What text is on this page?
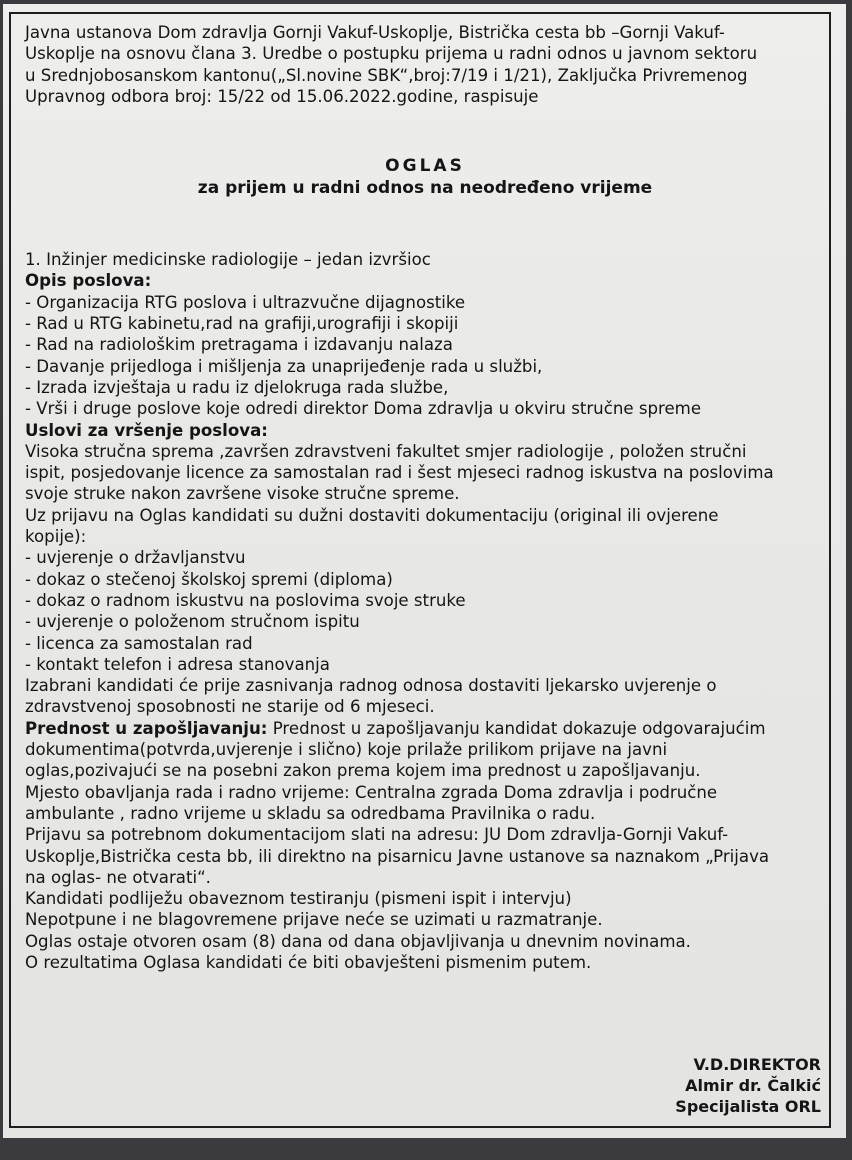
Javna ustanova Dom zdravlja Gornji Vakuf-Uskoplje, Bistrička cesta bb –Gornji Vakuf-
Uskoplje na osnovu člana 3. Uredbe o postupku prijema u radni odnos u javnom sektoru
u Srednjobosanskom kantonu(„Sl.novine SBK“,broj:7/19 i 1/21), Zaključka Privremenog
Upravnog odbora broj: 15/22 od 15.06.2022.godine, raspisuje
OGLAS
za prijem u radni odnos na neodređeno vrijeme
1. Inžinjer medicinske radiologije – jedan izvršioc
Opis poslova:
- Organizacija RTG poslova i ultrazvučne dijagnostike
- Rad u RTG kabinetu,rad na grafiji,urografiji i skopiji
- Rad na radiološkim pretragama i izdavanju nalaza
- Davanje prijedloga i mišljenja za unaprijeđenje rada u službi,
- Izrada izvještaja u radu iz djelokruga rada službe,
- Vrši i druge poslove koje odredi direktor Doma zdravlja u okviru stručne spreme
Uslovi za vršenje poslova:
Visoka stručna sprema ,završen zdravstveni fakultet smjer radiologije , položen stručni
ispit, posjedovanje licence za samostalan rad i šest mjeseci radnog iskustva na poslovima
svoje struke nakon završene visoke stručne spreme.
Uz prijavu na Oglas kandidati su dužni dostaviti dokumentaciju (original ili ovjerene
kopije):
- uvjerenje o državljanstvu
- dokaz o stečenoj školskoj spremi (diploma)
- dokaz o radnom iskustvu na poslovima svoje struke
- uvjerenje o položenom stručnom ispitu
- licenca za samostalan rad
- kontakt telefon i adresa stanovanja
Izabrani kandidati će prije zasnivanja radnog odnosa dostaviti ljekarsko uvjerenje o
zdravstvenoj sposobnosti ne starije od 6 mjeseci.
Prednost u zapošljavanju: Prednost u zapošljavanju kandidat dokazuje odgovarajućim
dokumentima(potvrda,uvjerenje i slično) koje prilaže prilikom prijave na javni
oglas,pozivajući se na posebni zakon prema kojem ima prednost u zapošljavanju.
Mjesto obavljanja rada i radno vrijeme: Centralna zgrada Doma zdravlja i područne
ambulante , radno vrijeme u skladu sa odredbama Pravilnika o radu.
Prijavu sa potrebnom dokumentacijom slati na adresu: JU Dom zdravlja-Gornji Vakuf-
Uskoplje,Bistrička cesta bb, ili direktno na pisarnicu Javne ustanove sa naznakom „Prijava
na oglas- ne otvarati“.
Kandidati podliježu obaveznom testiranju (pismeni ispit i intervju)
Nepotpune i ne blagovremene prijave neće se uzimati u razmatranje.
Oglas ostaje otvoren osam (8) dana od dana objavljivanja u dnevnim novinama.
O rezultatima Oglasa kandidati će biti obavješteni pismenim putem.
V.D.DIREKTOR
Almir dr. Čalkić
Specijalista ORL
